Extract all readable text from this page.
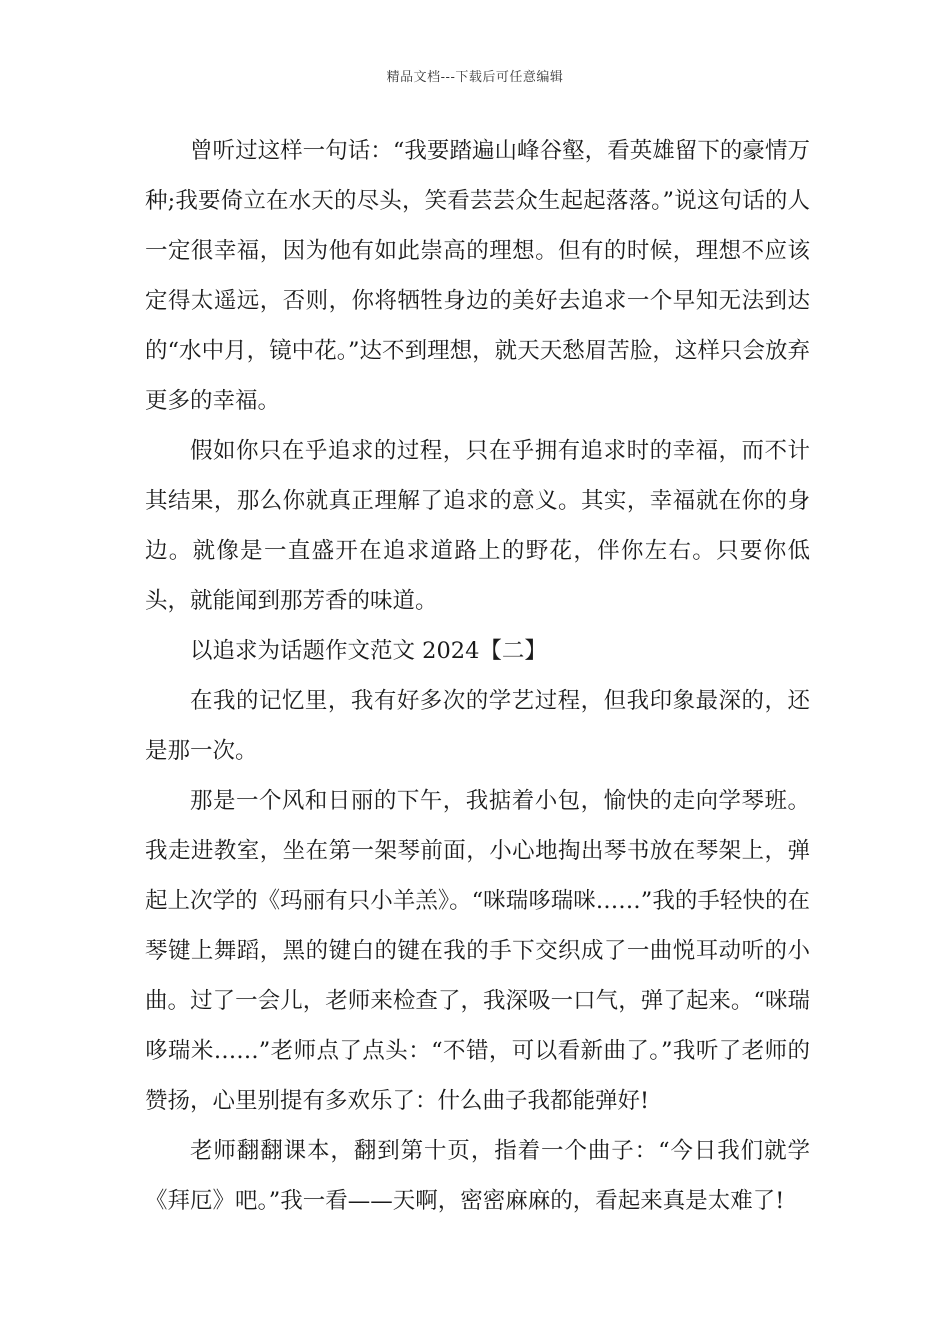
精品文档---下载后可任意编辑

曾听过这样一句话：“我要踏遍山峰谷壑，看英雄留下的豪情万种;我要倚立在水天的尽头，笑看芸芸众生起起落落。”说这句话的人一定很幸福，因为他有如此崇高的理想。但有的时候，理想不应该定得太遥远，否则，你将牺牲身边的美好去追求一个早知无法到达的“水中月，镜中花。”达不到理想，就天天愁眉苦脸，这样只会放弃更多的幸福。

假如你只在乎追求的过程，只在乎拥有追求时的幸福，而不计其结果，那么你就真正理解了追求的意义。其实，幸福就在你的身边。就像是一直盛开在追求道路上的野花，伴你左右。只要你低头，就能闻到那芳香的味道。

以追求为话题作文范文 2024【二】

在我的记忆里，我有好多次的学艺过程，但我印象最深的，还是那一次。

那是一个风和日丽的下午，我掂着小包，愉快的走向学琴班。我走进教室，坐在第一架琴前面，小心地掏出琴书放在琴架上，弹起上次学的《玛丽有只小羊羔》。“咪瑞哆瑞咪……”我的手轻快的在琴键上舞蹈，黑的键白的键在我的手下交织成了一曲悦耳动听的小曲。过了一会儿，老师来检查了，我深吸一口气，弹了起来。“咪瑞哆瑞米……”老师点了点头：“不错，可以看新曲了。”我听了老师的赞扬，心里别提有多欢乐了：什么曲子我都能弹好!

老师翻翻课本，翻到第十页，指着一个曲子：“今日我们就学《拜厄》吧。”我一看——天啊，密密麻麻的，看起来真是太难了!
